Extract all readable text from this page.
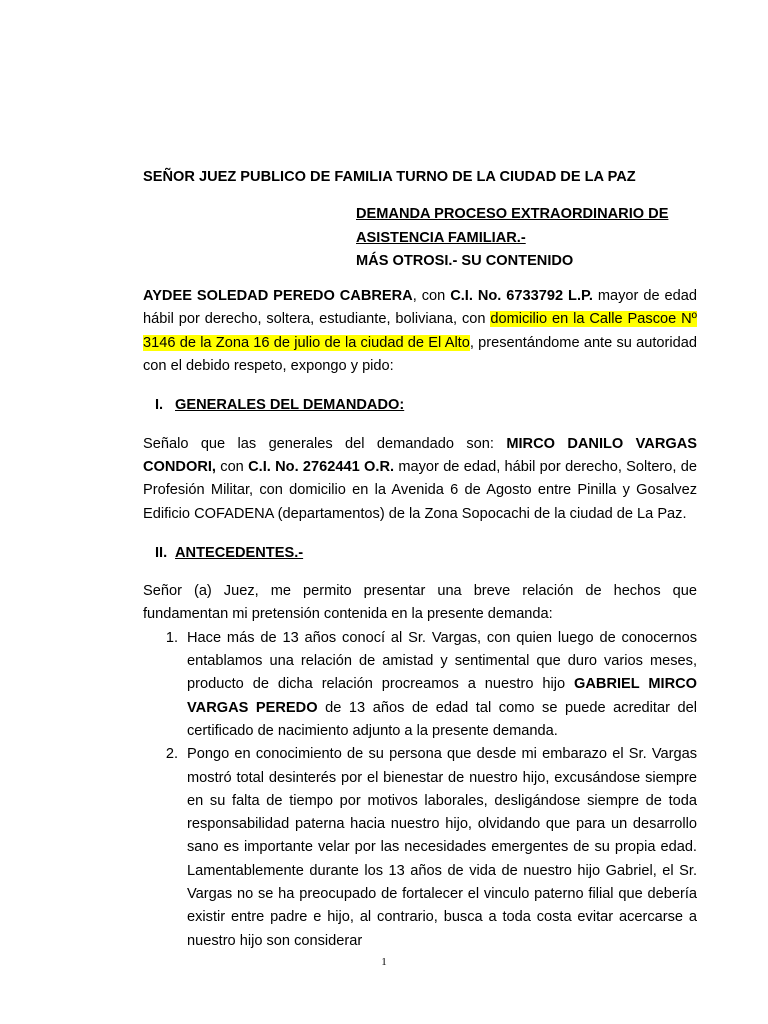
SEÑOR JUEZ PUBLICO DE FAMILIA TURNO DE LA CIUDAD DE LA PAZ

DEMANDA PROCESO EXTRAORDINARIO DE
ASISTENCIA FAMILIAR.-
MÁS OTROSI.- SU CONTENIDO

AYDEE SOLEDAD PEREDO CABRERA, con C.I. No. 6733792 L.P. mayor de edad hábil por derecho, soltera, estudiante, boliviana, con domicilio en la Calle Pascoe Nº 3146 de la Zona 16 de julio de la ciudad de El Alto, presentándome ante su autoridad con el debido respeto, expongo y pido:

I. GENERALES DEL DEMANDADO:

Señalo que las generales del demandado son: MIRCO DANILO VARGAS CONDORI, con C.I. No. 2762441 O.R. mayor de edad, hábil por derecho, Soltero, de Profesión Militar, con domicilio en la Avenida 6 de Agosto entre Pinilla y Gosalvez Edificio COFADENA (departamentos) de la Zona Sopocachi de la ciudad de La Paz.

II. ANTECEDENTES.-

Señor (a) Juez, me permito presentar una breve relación de hechos que fundamentan mi pretensión contenida en la presente demanda:

1. Hace más de 13 años conocí al Sr. Vargas, con quien luego de conocernos entablamos una relación de amistad y sentimental que duro varios meses, producto de dicha relación procreamos a nuestro hijo GABRIEL MIRCO VARGAS PEREDO de 13 años de edad tal como se puede acreditar del certificado de nacimiento adjunto a la presente demanda.
2. Pongo en conocimiento de su persona que desde mi embarazo el Sr. Vargas mostró total desinterés por el bienestar de nuestro hijo, excusándose siempre en su falta de tiempo por motivos laborales, desligándose siempre de toda responsabilidad paterna hacia nuestro hijo, olvidando que para un desarrollo sano es importante velar por las necesidades emergentes de su propia edad. Lamentablemente durante los 13 años de vida de nuestro hijo Gabriel, el Sr. Vargas no se ha preocupado de fortalecer el vinculo paterno filial que debería existir entre padre e hijo, al contrario, busca a toda costa evitar acercarse a nuestro hijo son considerar
1
